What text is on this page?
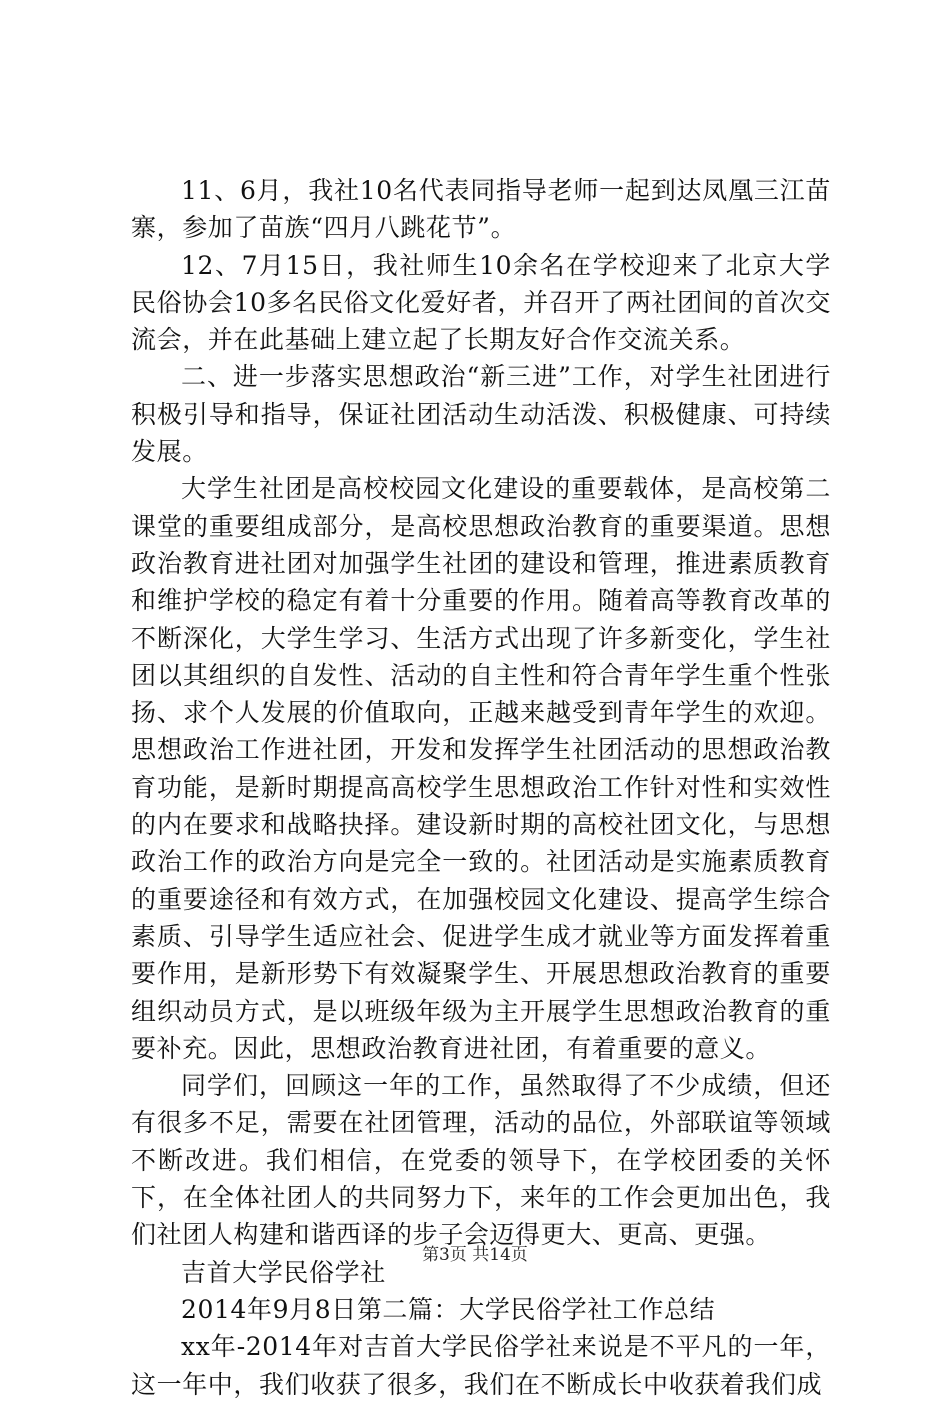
11、6月，我社10名代表同指导老师一起到达凤凰三江苗寨，参加了苗族“四月八跳花节”。

12、7月15日，我社师生10余名在学校迎来了北京大学民俗协会10多名民俗文化爱好者，并召开了两社团间的首次交流会，并在此基础上建立起了长期友好合作交流关系。

二、进一步落实思想政治“新三进”工作，对学生社团进行积极引导和指导，保证社团活动生动活泼、积极健康、可持续发展。

大学生社团是高校校园文化建设的重要载体，是高校第二课堂的重要组成部分，是高校思想政治教育的重要渠道。思想政治教育进社团对加强学生社团的建设和管理，推进素质教育和维护学校的稳定有着十分重要的作用。随着高等教育改革的不断深化，大学生学习、生活方式出现了许多新变化，学生社团以其组织的自发性、活动的自主性和符合青年学生重个性张扬、求个人发展的价值取向，正越来越受到青年学生的欢迎。思想政治工作进社团，开发和发挥学生社团活动的思想政治教育功能，是新时期提高高校学生思想政治工作针对性和实效性的内在要求和战略抉择。建设新时期的高校社团文化，与思想政治工作的政治方向是完全一致的。社团活动是实施素质教育的重要途径和有效方式，在加强校园文化建设、提高学生综合素质、引导学生适应社会、促进学生成才就业等方面发挥着重要作用，是新形势下有效凝聚学生、开展思想政治教育的重要组织动员方式，是以班级年级为主开展学生思想政治教育的重要补充。因此，思想政治教育进社团，有着重要的意义。

同学们，回顾这一年的工作，虽然取得了不少成绩，但还有很多不足，需要在社团管理，活动的品位，外部联谊等领域不断改进。我们相信，在党委的领导下，在学校团委的关怀下，在全体社团人的共同努力下，来年的工作会更加出色，我们社团人构建和谐西译的步子会迈得更大、更高、更强。

吉首大学民俗学社

2014年9月8日第二篇：大学民俗学社工作总结

xx年-2014年对吉首大学民俗学社来说是不平凡的一年，这一年中，我们收获了很多，我们在不断成长中收获着我们成

第3页 共14页
